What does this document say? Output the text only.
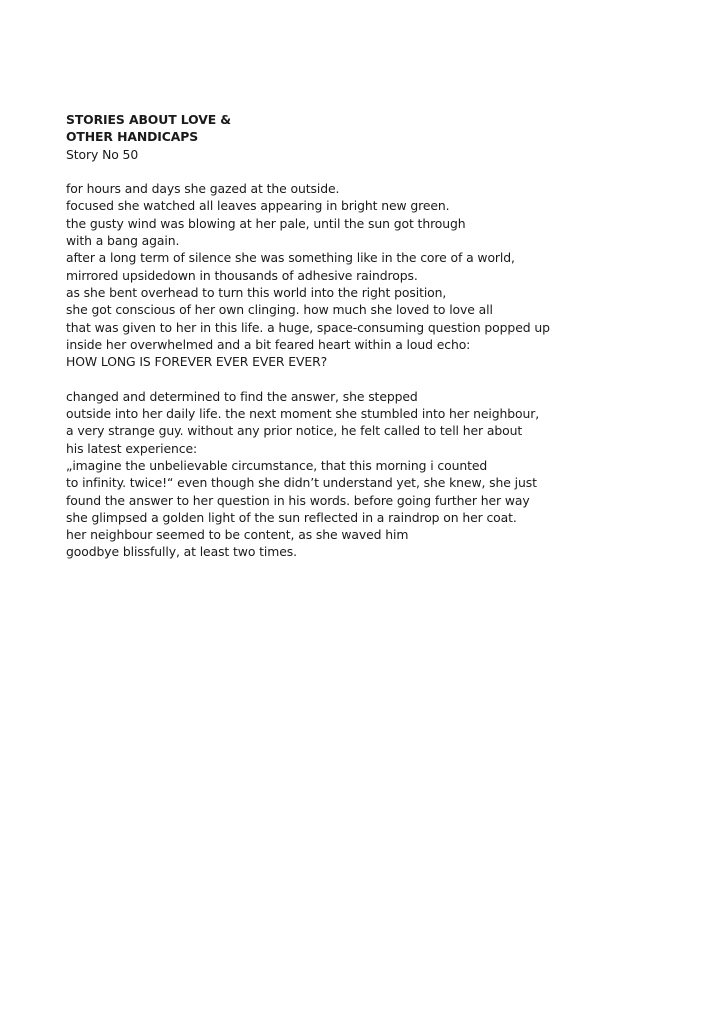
STORIES ABOUT LOVE &
OTHER HANDICAPS
Story No 50
for hours and days she gazed at the outside.
focused she watched all leaves appearing in bright new green.
the gusty wind was blowing at her pale, until the sun got through
with a bang again.
after a long term of silence she was something like in the core of a world,
mirrored upsidedown in thousands of adhesive raindrops.
as she bent overhead to turn this world into the right position,
she got conscious of her own clinging. how much she loved to love all
that was given to her in this life. a huge, space-consuming question popped up
inside her overwhelmed and a bit feared heart within a loud echo:
HOW LONG IS FOREVER EVER EVER EVER?
changed and determined to find the answer, she stepped
outside into her daily life. the next moment she stumbled into her neighbour,
a very strange guy. without any prior notice, he felt called to tell her about
his latest experience:
„imagine the unbelievable circumstance, that this morning i counted
to infinity. twice!“ even though she didn’t understand yet, she knew, she just
found the answer to her question in his words. before going further her way
she glimpsed a golden light of the sun reflected in a raindrop on her coat.
her neighbour seemed to be content, as she waved him
goodbye blissfully, at least two times.
